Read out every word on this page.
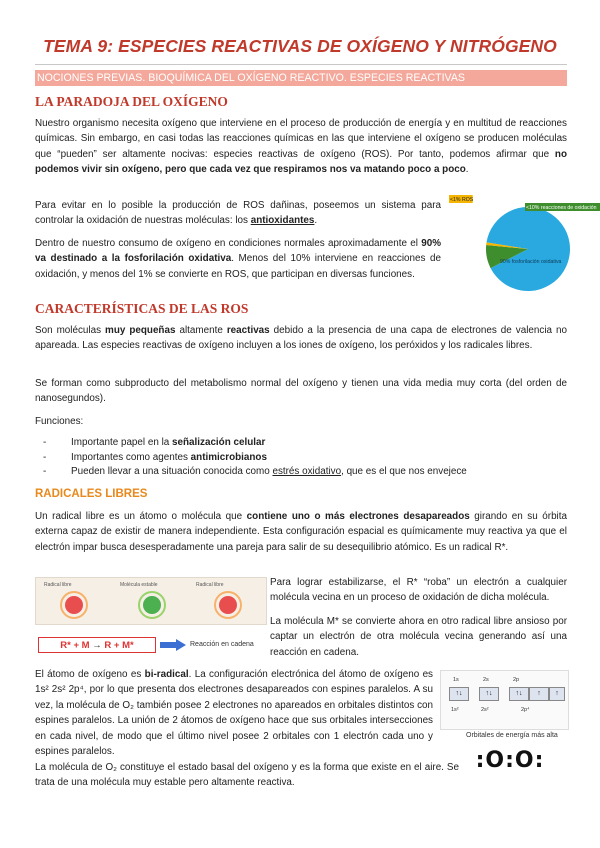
TEMA 9: ESPECIES REACTIVAS DE OXÍGENO Y NITRÓGENO
NOCIONES PREVIAS. BIOQUÍMICA DEL OXÍGENO REACTIVO. ESPECIES REACTIVAS
LA PARADOJA DEL OXÍGENO
Nuestro organismo necesita oxígeno que interviene en el proceso de producción de energía y en multitud de reacciones químicas. Sin embargo, en casi todas las reacciones químicas en las que interviene el oxígeno se producen moléculas que “pueden” ser altamente nocivas: especies reactivas de oxígeno (ROS). Por tanto, podemos afirmar que no podemos vivir sin oxígeno, pero que cada vez que respiramos nos va matando poco a poco.
Para evitar en lo posible la producción de ROS dañinas, poseemos un sistema para controlar la oxidación de nuestras moléculas: los antioxidantes.
Dentro de nuestro consumo de oxígeno en condiciones normales aproximadamente el 90% va destinado a la fosforilación oxidativa. Menos del 10% interviene en reacciones de oxidación, y menos del 1% se convierte en ROS, que participan en diversas funciones.
<1% ROS
<10% reacciones de oxidación
90% fosforilación oxidativa
CARACTERÍSTICAS DE LAS ROS
Son moléculas muy pequeñas altamente reactivas debido a la presencia de una capa de electrones de valencia no apareada. Las especies reactivas de oxígeno incluyen a los iones de oxígeno, los peróxidos y los radicales libres.
Se forman como subproducto del metabolismo normal del oxígeno y tienen una vida media muy corta (del orden de nanosegundos).
Funciones:
- Importante papel en la señalización celular
- Importantes como agentes antimicrobianos
- Pueden llevar a una situación conocida como estrés oxidativo, que es el que nos envejece
RADICALES LIBRES
Un radical libre es un átomo o molécula que contiene uno o más electrones desapareados girando en su órbita externa capaz de existir de manera independiente. Esta configuración espacial es químicamente muy reactiva ya que el electrón impar busca desesperadamente una pareja para salir de su desequilibrio atómico. Es un radical R*.
Radical libre	Molécula estable	Radical libre
R* + M → R + M*	Reacción en cadena
Para lograr estabilizarse, el R* “roba” un electrón a cualquier molécula vecina en un proceso de oxidación de dicha molécula.
La molécula M* se convierte ahora en otro radical libre ansioso por captar un electrón de otra molécula vecina generando así una reacción en cadena.
El átomo de oxígeno es bi-radical. La configuración electrónica del átomo de oxígeno es 1s² 2s² 2p⁴, por lo que presenta dos electrones desapareados con espines paralelos. A su vez, la molécula de O₂ también posee 2 electrones no apareados en orbitales distintos con espines paralelos. La unión de 2 átomos de oxígeno hace que sus orbitales intersecciones en cada nivel, de modo que el último nivel posee 2 orbitales con 1 electrón cada uno y espines paralelos.
1s	2s	2p
↑↓	↑↓	↑↓	↑	↑
1s²	2s²	2p⁴
Orbitales de energía más alta
:O:O:
La molécula de O₂ constituye el estado basal del oxígeno y es la forma que existe en el aire. Se trata de una molécula muy estable pero altamente reactiva.
